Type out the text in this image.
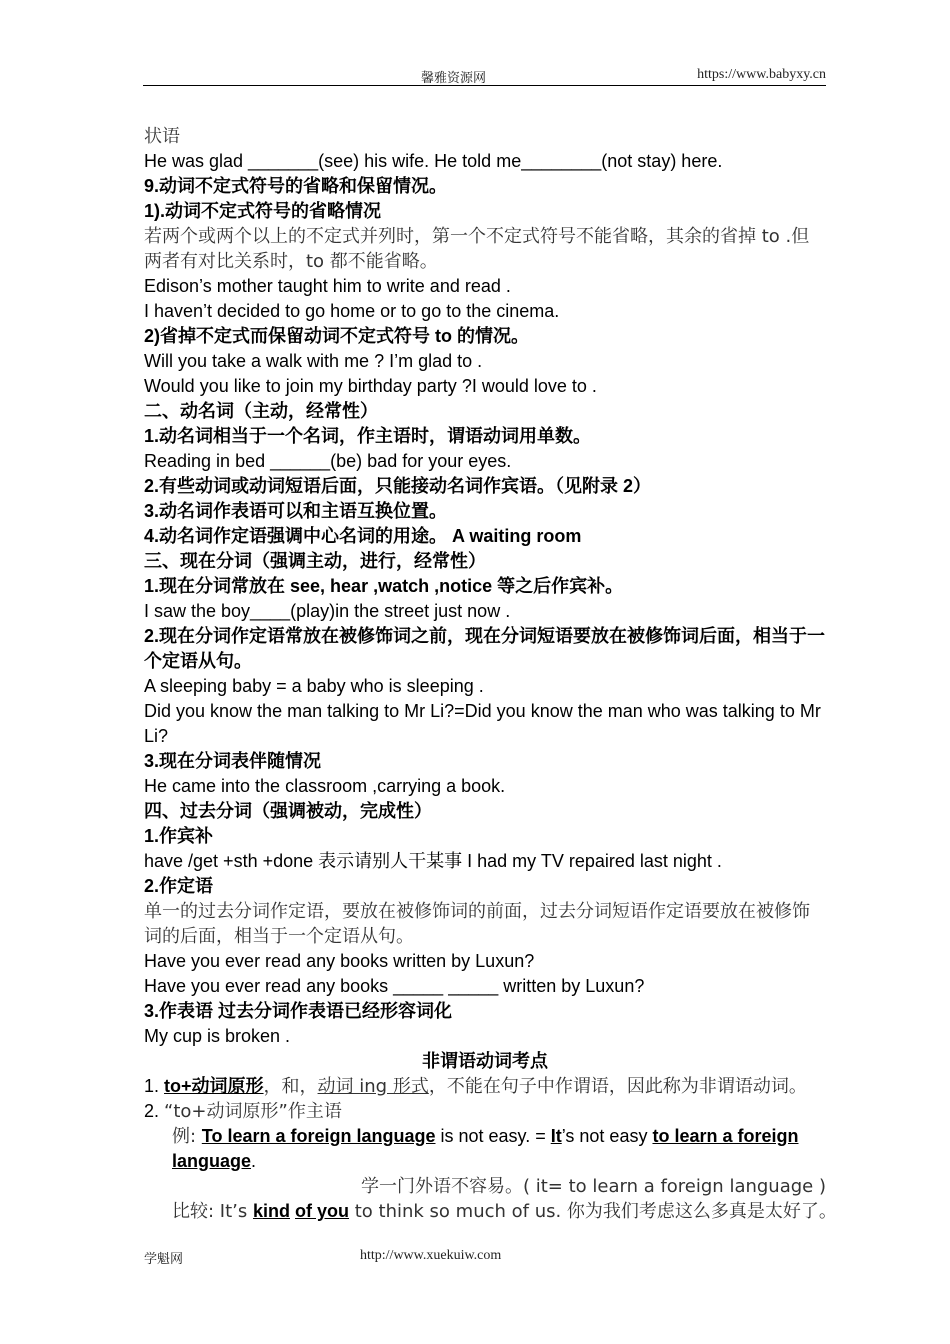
馨雅资源网	https://www.babyxy.cn
状语
He was glad _______(see) his wife. He told me________(not stay) here.
9.动词不定式符号的省略和保留情况。
1).动词不定式符号的省略情况
若两个或两个以上的不定式并列时，第一个不定式符号不能省略，其余的省掉 to .但两者有对比关系时，to 都不能省略。
Edison’s mother taught him to write and read .
I haven’t decided to go home or to go to the cinema.
2)省掉不定式而保留动词不定式符号 to 的情况。
Will you take a walk with me ? I’m glad to .
Would you like to join my birthday party ?I would love to .
二、动名词（主动，经常性）
1.动名词相当于一个名词，作主语时，谓语动词用单数。
Reading in bed ______(be) bad for your eyes.
2.有些动词或动词短语后面，只能接动名词作宾语。（见附录 2）
3.动名词作表语可以和主语互换位置。
4.动名词作定语强调中心名词的用途。 A waiting room
三、现在分词（强调主动，进行，经常性）
1.现在分词常放在 see, hear ,watch ,notice 等之后作宾补。
I saw the boy____(play)in the street just now .
2.现在分词作定语常放在被修饰词之前，现在分词短语要放在被修饰词后面，相当于一个定语从句。
A sleeping baby = a baby who is sleeping .
Did you know the man talking to Mr Li?=Did you know the man who was talking to Mr Li?
3.现在分词表伴随情况
He came into the classroom ,carrying a book.
四、过去分词（强调被动，完成性）
1.作宾补
have /get +sth +done 表示请别人干某事 I had my TV repaired last night .
2.作定语
单一的过去分词作定语，要放在被修饰词的前面，过去分词短语作定语要放在被修饰词的后面，相当于一个定语从句。
Have you ever read any books written by Luxun?
Have you ever read any books _____ _____ written by Luxun?
3.作表语 过去分词作表语已经形容词化
My cup is broken .
非谓语动词考点
1. to+动词原形，和，动词 ing 形式，不能在句子中作谓语，因此称为非谓语动词。
2. “to+动词原形”作主语
例: To learn a foreign language is not easy. = It’s not easy to learn a foreign language.
学一门外语不容易。( it= to learn a foreign language )
比较: It’s kind of you to think so much of us. 你为我们考虑这么多真是太好了。
学魁网	http://www.xuekuiw.com
